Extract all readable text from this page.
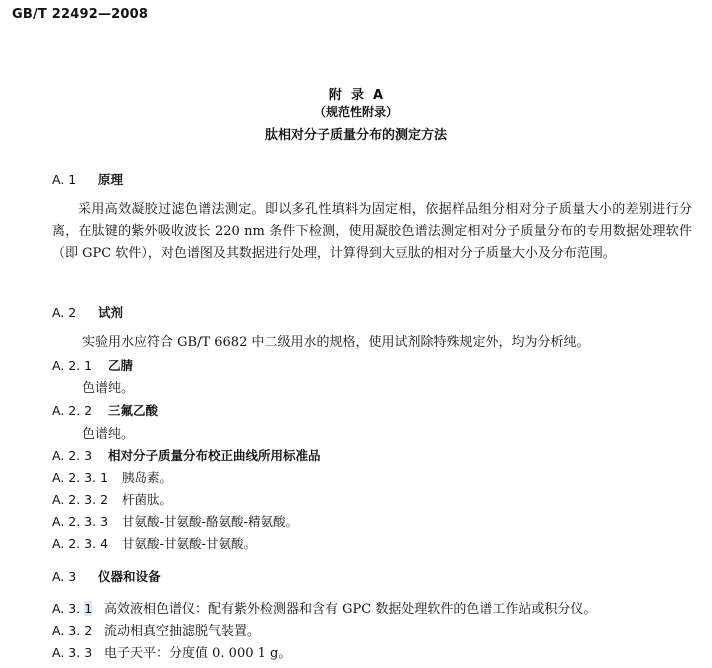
GB/T 22492—2008
附  录  A
（规范性附录）
肽相对分子质量分布的测定方法
A. 1 原理
采用高效凝胶过滤色谱法测定。即以多孔性填料为固定相，依据样品组分相对分子质量大小的差别进行分离，在肽键的紫外吸收波长 220 nm 条件下检测，使用凝胶色谱法测定相对分子质量分布的专用数据处理软件（即 GPC 软件），对色谱图及其数据进行处理，计算得到大豆肽的相对分子质量大小及分布范围。
A. 2 试剂
实验用水应符合 GB/T 6682 中二级用水的规格，使用试剂除特殊规定外，均为分析纯。
A. 2. 1 乙腈
色谱纯。
A. 2. 2 三氟乙酸
色谱纯。
A. 2. 3 相对分子质量分布校正曲线所用标准品
A. 2. 3. 1 胰岛素。
A. 2. 3. 2 杆菌肽。
A. 2. 3. 3 甘氨酸-甘氨酸-酪氨酸-精氨酸。
A. 2. 3. 4 甘氨酸-甘氨酸-甘氨酸。
A. 3 仪器和设备
A. 3. 1 高效液相色谱仪：配有紫外检测器和含有 GPC 数据处理软件的色谱工作站或积分仪。
A. 3. 2 流动相真空抽滤脱气装置。
A. 3. 3 电子天平：分度值 0. 000 1 g。
